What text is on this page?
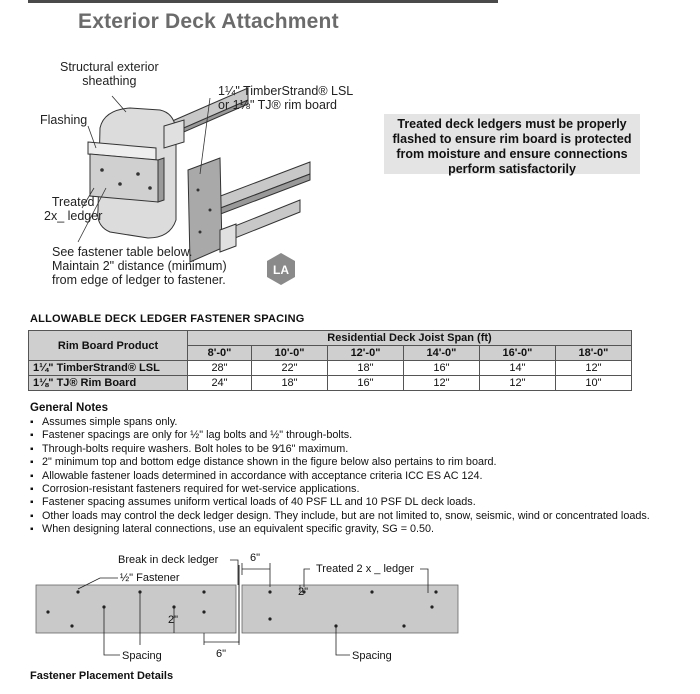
Exterior Deck Attachment
Structural exterior
sheathing
Flashing
1¼" TimberStrand® LSL
or 1⅛" TJ® rim board
Treated
2x_ ledger
See fastener table below.
Maintain 2" distance (minimum)
from edge of ledger to fastener.
LA
Treated deck ledgers must be properly
flashed to ensure rim board is protected
from moisture and ensure connections
perform satisfactorily
ALLOWABLE DECK LEDGER FASTENER SPACING
Rim Board Product	Residential Deck Joist Span (ft)					
	8'-0"	10'-0"	12'-0"	14'-0"	16'-0"	18'-0"
1¼" TimberStrand® LSL	28"	22"	18"	16"	14"	12"
1⅛" TJ® Rim Board	24"	18"	16"	12"	12"	10"
General Notes
▪ Assumes simple spans only.
▪ Fastener spacings are only for ½" lag bolts and ½" through-bolts.
▪ Through-bolts require washers. Bolt holes to be 9⁄16" maximum.
▪ 2" minimum top and bottom edge distance shown in the figure below also pertains to rim board.
▪ Allowable fastener loads determined in accordance with acceptance criteria ICC ES AC 124.
▪ Corrosion-resistant fasteners required for wet-service applications.
▪ Fastener spacing assumes uniform vertical loads of 40 PSF LL and 10 PSF DL deck loads.
▪ Other loads may control the deck ledger design. They include, but are not limited to, snow, seismic, wind or concentrated loads.
▪ When designing lateral connections, use an equivalent specific gravity, SG = 0.50.
Break in deck ledger	6"
½" Fastener
Treated 2 x _ ledger
2"
2"
Spacing	6"	Spacing
Fastener Placement Details
